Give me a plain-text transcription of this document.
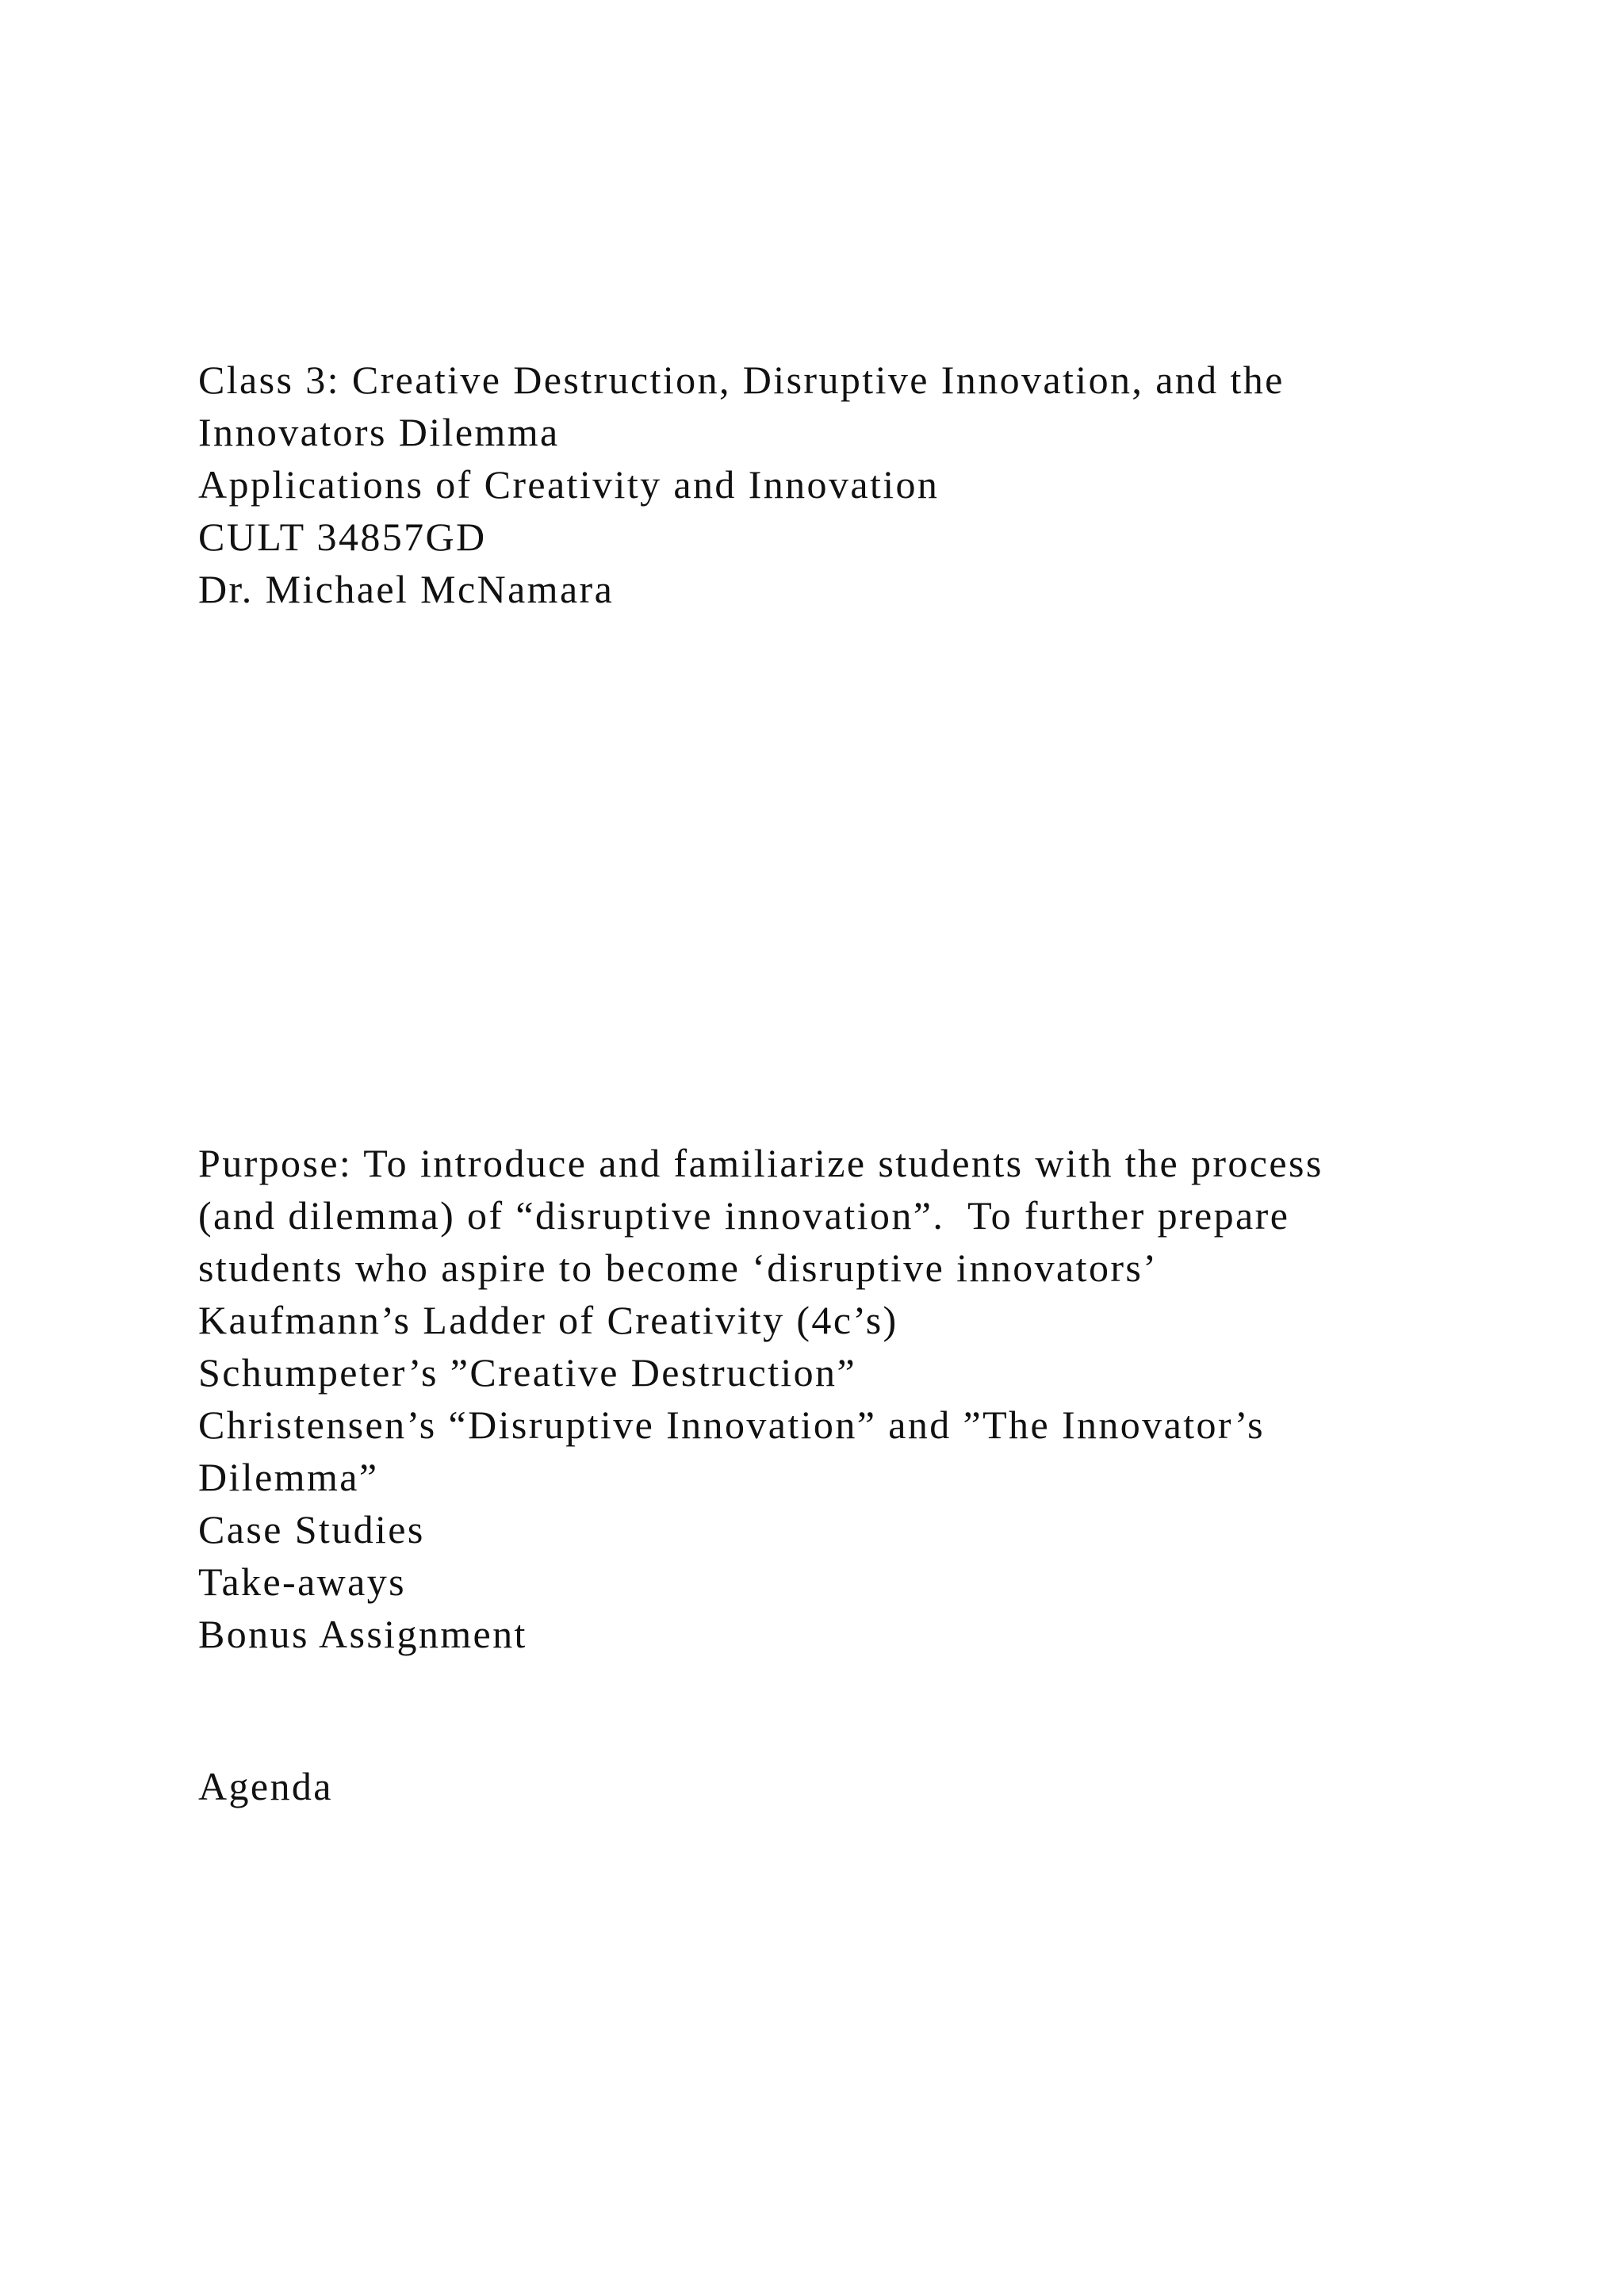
Class 3: Creative Destruction, Disruptive Innovation, and the
Innovators Dilemma
Applications of Creativity and Innovation
CULT 34857GD
Dr. Michael McNamara
Purpose: To introduce and familiarize students with the process
(and dilemma) of “disruptive innovation”.  To further prepare
students who aspire to become ‘disruptive innovators’
Kaufmann’s Ladder of Creativity (4c’s)
Schumpeter’s ”Creative Destruction”
Christensen’s “Disruptive Innovation” and ”The Innovator’s
Dilemma”
Case Studies
Take-aways
Bonus Assignment
Agenda
